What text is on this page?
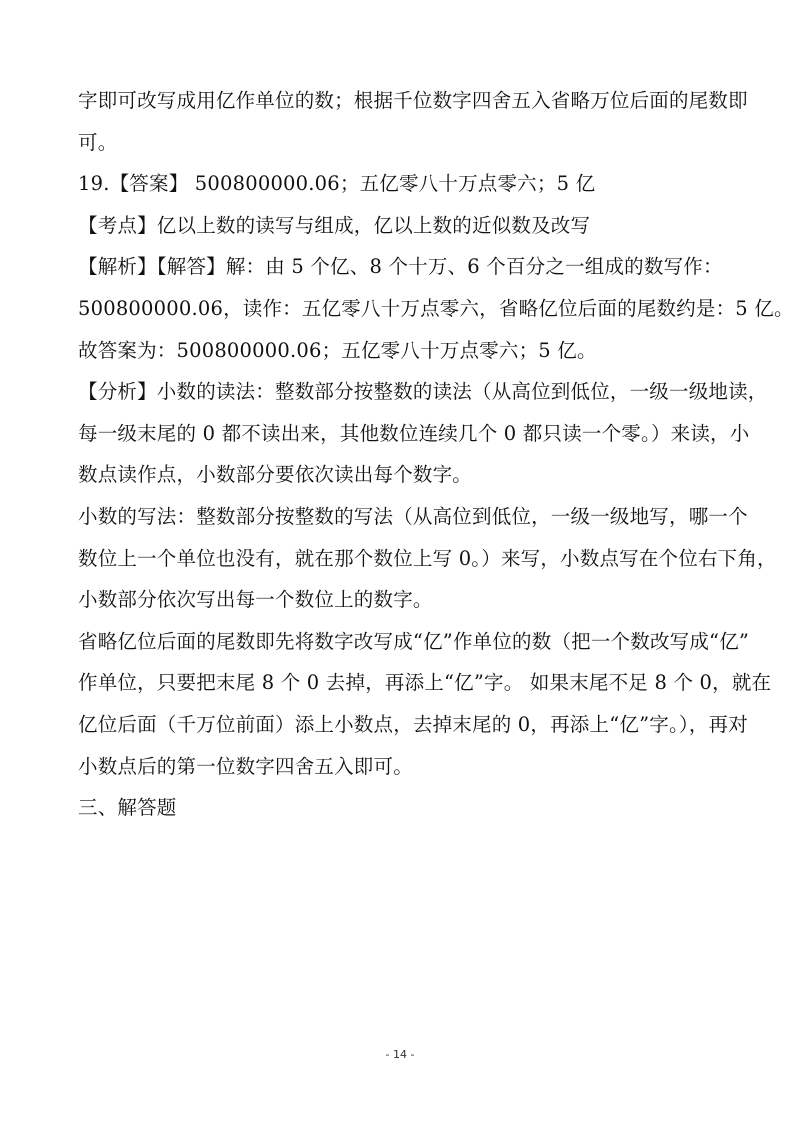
字即可改写成用亿作单位的数；根据千位数字四舍五入省略万位后面的尾数即
可。
19.【答案】 500800000.06；五亿零八十万点零六；5 亿
【考点】亿以上数的读写与组成，亿以上数的近似数及改写
【解析】【解答】解：由 5 个亿、8 个十万、6 个百分之一组成的数写作：
500800000.06，读作：五亿零八十万点零六，省略亿位后面的尾数约是：5 亿。
故答案为：500800000.06；五亿零八十万点零六；5 亿。
【分析】小数的读法：整数部分按整数的读法（从高位到低位，一级一级地读，
每一级末尾的 0 都不读出来，其他数位连续几个 0 都只读一个零。）来读，小
数点读作点，小数部分要依次读出每个数字。
小数的写法：整数部分按整数的写法（从高位到低位，一级一级地写，哪一个
数位上一个单位也没有，就在那个数位上写 0。）来写，小数点写在个位右下角，
小数部分依次写出每一个数位上的数字。
省略亿位后面的尾数即先将数字改写成“亿”作单位的数（把一个数改写成“亿”
作单位，只要把末尾 8 个 0 去掉，再添上“亿”字。 如果末尾不足 8 个 0，就在
亿位后面（千万位前面）添上小数点，去掉末尾的 0，再添上“亿”字。），再对
小数点后的第一位数字四舍五入即可。
三、解答题
- 14 -
